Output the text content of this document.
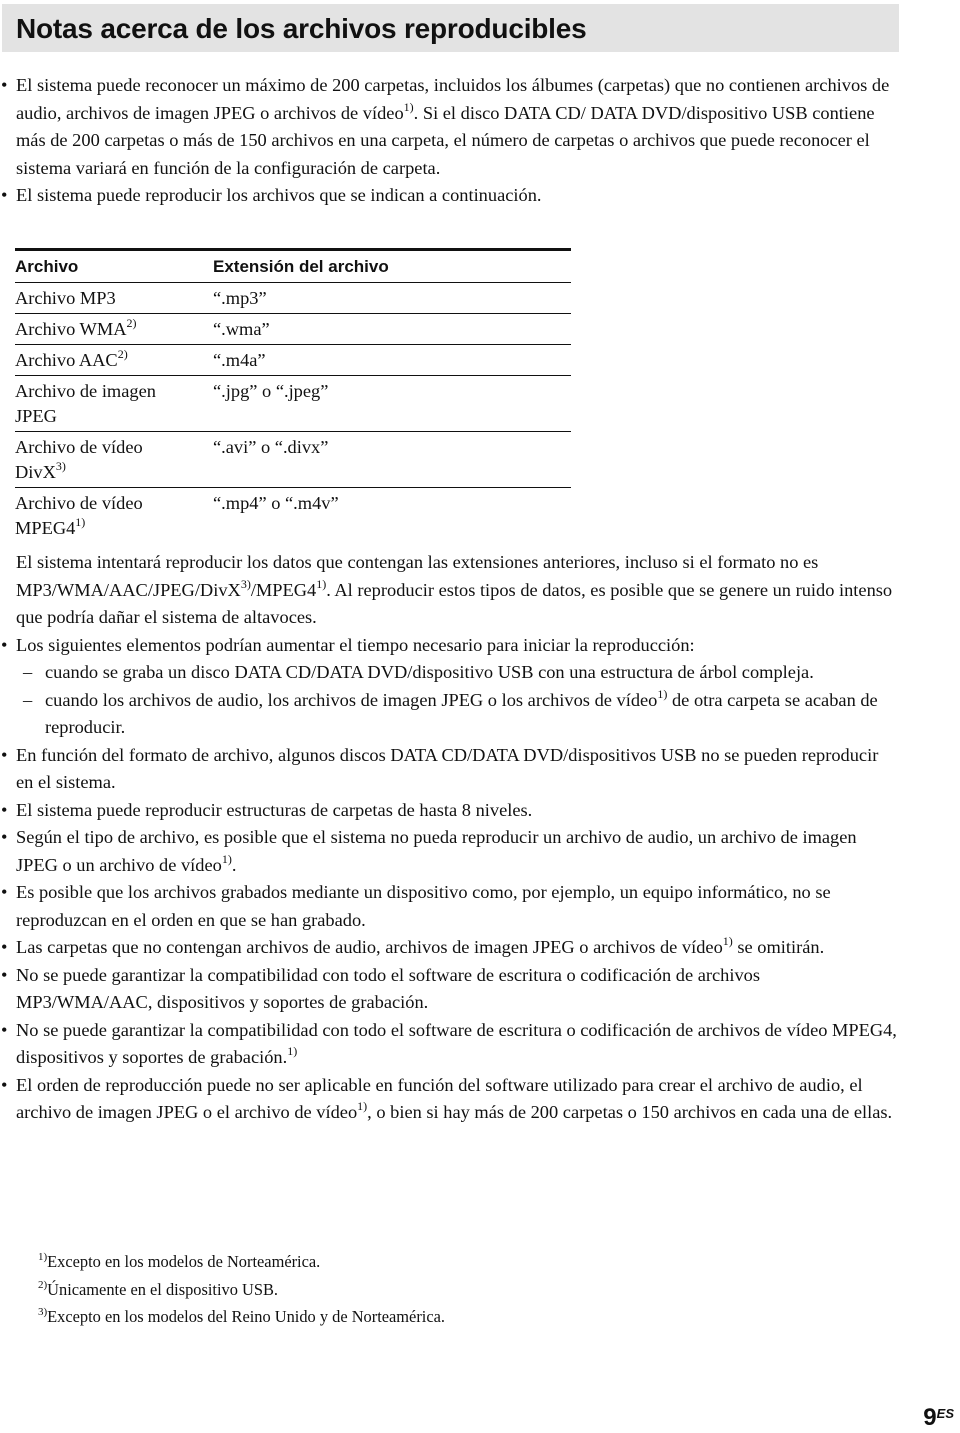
Notas acerca de los archivos reproducibles

• El sistema puede reconocer un máximo de 200 carpetas, incluidos los álbumes (carpetas) que no contienen archivos de audio, archivos de imagen JPEG o archivos de vídeo$^{1)}$. Si el disco DATA CD/ DATA DVD/dispositivo USB contiene más de 200 carpetas o más de 150 archivos en una carpeta, el número de carpetas o archivos que puede reconocer el sistema variará en función de la configuración de carpeta.

• El sistema puede reproducir los archivos que se indican a continuación.

Archivo	Extensión del archivo
Archivo MP3	“.mp3”
Archivo WMA$^{2)}$	“.wma”
Archivo AAC$^{2)}$	“.m4a”
Archivo de imagen JPEG	“.jpg” o “.jpeg”
Archivo de vídeo DivX$^{3)}$	“.avi” o “.divx”
Archivo de vídeo MPEG4$^{1)}$	“.mp4” o “.m4v”

El sistema intentará reproducir los datos que contengan las extensiones anteriores, incluso si el formato no es MP3/WMA/AAC/JPEG/DivX$^{3)}$/MPEG4$^{1)}$. Al reproducir estos tipos de datos, es posible que se genere un ruido intenso que podría dañar el sistema de altavoces.

• Los siguientes elementos podrían aumentar el tiempo necesario para iniciar la reproducción:

– cuando se graba un disco DATA CD/DATA DVD/dispositivo USB con una estructura de árbol compleja.

– cuando los archivos de audio, los archivos de imagen JPEG o los archivos de vídeo$^{1)}$ de otra carpeta se acaban de reproducir.

• En función del formato de archivo, algunos discos DATA CD/DATA DVD/dispositivos USB no se pueden reproducir en el sistema.

• El sistema puede reproducir estructuras de carpetas de hasta 8 niveles.

• Según el tipo de archivo, es posible que el sistema no pueda reproducir un archivo de audio, un archivo de imagen JPEG o un archivo de vídeo$^{1)}$.

• Es posible que los archivos grabados mediante un dispositivo como, por ejemplo, un equipo informático, no se reproduzcan en el orden en que se han grabado.

• Las carpetas que no contengan archivos de audio, archivos de imagen JPEG o archivos de vídeo$^{1)}$ se omitirán.

• No se puede garantizar la compatibilidad con todo el software de escritura o codificación de archivos MP3/WMA/AAC, dispositivos y soportes de grabación.

• No se puede garantizar la compatibilidad con todo el software de escritura o codificación de archivos de vídeo MPEG4, dispositivos y soportes de grabación.$^{1)}$

• El orden de reproducción puede no ser aplicable en función del software utilizado para crear el archivo de audio, el archivo de imagen JPEG o el archivo de vídeo$^{1)}$, o bien si hay más de 200 carpetas o 150 archivos en cada una de ellas.

$^{1)}$Excepto en los modelos de Norteamérica.
$^{2)}$Únicamente en el dispositivo USB.
$^{3)}$Excepto en los modelos del Reino Unido y de Norteamérica.
$9^{ES}$
